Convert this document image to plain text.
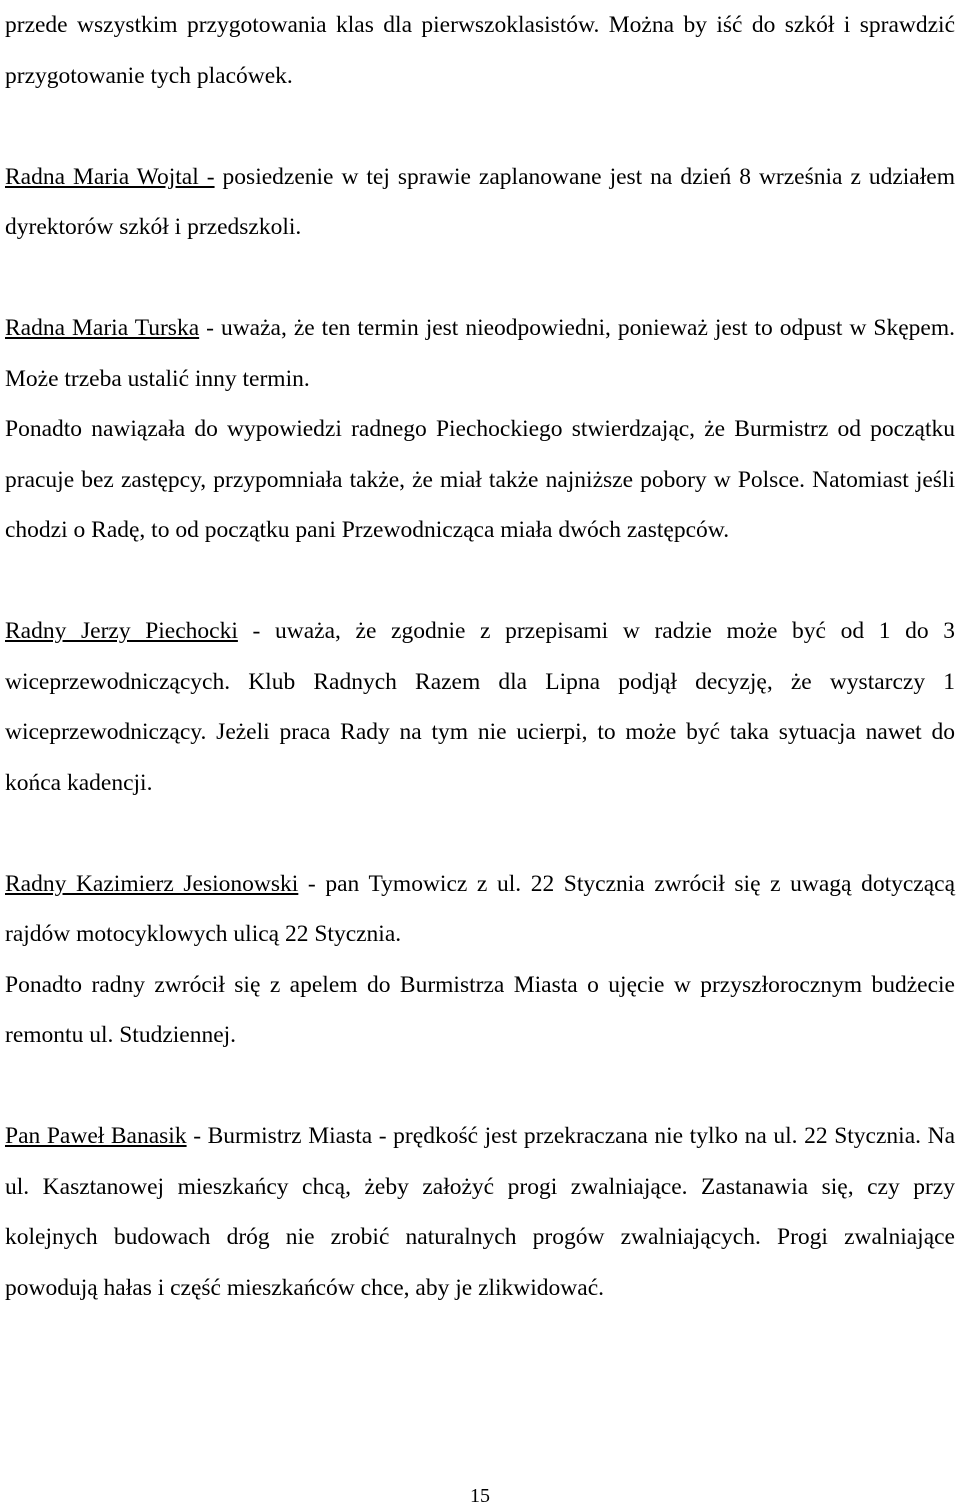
przede wszystkim przygotowania klas dla pierwszoklasistów. Można by iść do szkół i sprawdzić przygotowanie tych placówek.

Radna Maria Wojtal - posiedzenie w tej sprawie zaplanowane jest na dzień 8 września z udziałem dyrektorów szkół i przedszkoli.

Radna Maria Turska - uważa, że ten termin jest nieodpowiedni, ponieważ jest to odpust w Skępem. Może trzeba ustalić inny termin.

Ponadto nawiązała do wypowiedzi radnego Piechockiego stwierdzając, że Burmistrz od początku pracuje bez zastępcy, przypomniała także, że miał także najniższe pobory w Polsce. Natomiast jeśli chodzi o Radę, to od początku pani Przewodnicząca miała dwóch zastępców.

Radny Jerzy Piechocki - uważa, że zgodnie z przepisami w radzie może być od 1 do 3 wiceprzewodniczących. Klub Radnych Razem dla Lipna podjął decyzję, że wystarczy 1 wiceprzewodniczący. Jeżeli praca Rady na tym nie ucierpi, to może być taka sytuacja nawet do końca kadencji.

Radny Kazimierz Jesionowski - pan Tymowicz z ul. 22 Stycznia zwrócił się z uwagą dotyczącą rajdów motocyklowych ulicą 22 Stycznia.

Ponadto radny zwrócił się z apelem do Burmistrza Miasta o ujęcie w przyszłorocznym budżecie remontu ul. Studziennej.

Pan Paweł Banasik - Burmistrz Miasta - prędkość jest przekraczana nie tylko na ul. 22 Stycznia. Na ul. Kasztanowej mieszkańcy chcą, żeby założyć progi zwalniające. Zastanawia się, czy przy kolejnych budowach dróg nie zrobić naturalnych progów zwalniających. Progi zwalniające powodują hałas i część mieszkańców chce, aby je zlikwidować.

15
